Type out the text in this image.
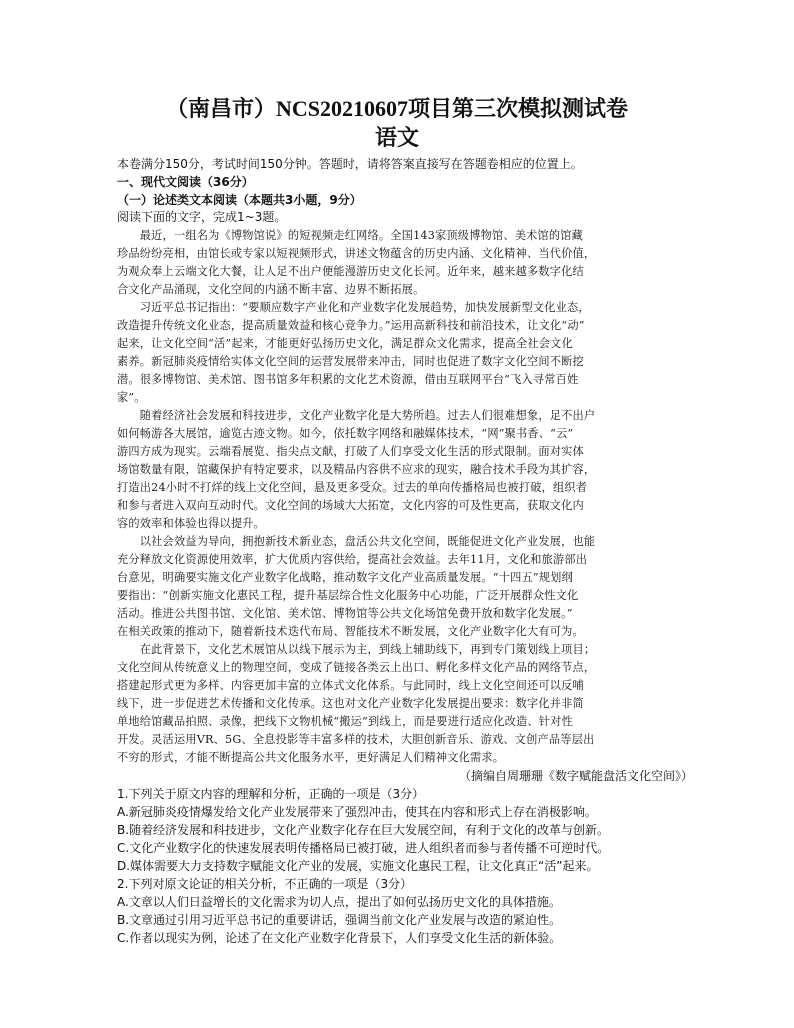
（南昌市）NCS20210607项目第三次模拟测试卷
语文
本卷满分150分，考试时间150分钟。答题时，请将答案直接写在答题卷相应的位置上。
一、现代文阅读（36分）
（一）论述类文本阅读（本题共3小题，9分）
阅读下面的文字，完成1~3题。
　　最近，一组名为《博物馆说》的短视频走红网络。全国143家顶级博物馆、美术馆的馆藏
珍品纷纷亮相，由馆长或专家以短视频形式，讲述文物蕴含的历史内涵、文化精神、当代价值，
为观众奉上云端文化大餐，让人足不出户便能漫游历史文化长河。近年来，越来越多数字化结
合文化产品涌现，文化空间的内涵不断丰富、边界不断拓展。
　　习近平总书记指出：“要顺应数字产业化和产业数字化发展趋势，加快发展新型文化业态，
改造提升传统文化业态，提高质量效益和核心竞争力。”运用高新科技和前沿技术，让文化“动”
起来，让文化空间“活”起来，才能更好弘扬历史文化，满足群众文化需求，提高全社会文化
素养。新冠肺炎疫情给实体文化空间的运营发展带来冲击，同时也促进了数字文化空间不断挖
潜。很多博物馆、美术馆、图书馆多年积累的文化艺术资源，借由互联网平台“飞入寻常百姓
家”。
　　随着经济社会发展和科技进步，文化产业数字化是大势所趋。过去人们很难想象，足不出户
如何畅游各大展馆，逾览古迹文物。如今，依托数字网络和融媒体技术，“网”聚书香、“云”
游四方成为现实。云端看展览、指尖点文献，打破了人们享受文化生活的形式限制。面对实体
场馆数量有限，馆藏保护有特定要求，以及精品内容供不应求的现实，融合技术手段为其扩容，
打造出24小时不打烊的线上文化空间，悬及更多受众。过去的单向传播格局也被打破，组织者
和参与者进入双向互动时代。文化空间的场域大大拓宽，文化内容的可及性更高，获取文化内
容的效率和体验也得以提升。
　　以社会效益为导向，拥抱新技术新业态，盘活公共文化空间，既能促进文化产业发展，也能
充分释放文化资源使用效率，扩大优质内容供给，提高社会效益。去年11月，文化和旅游部出
台意见，明确要实施文化产业数字化战略，推动数字文化产业高质量发展。“十四五”规划纲
要指出：“创新实施文化惠民工程，提升基层综合性文化服务中心功能，广泛开展群众性文化
活动。推进公共图书馆、文化馆、美术馆、博物馆等公共文化场馆免费开放和数字化发展。”
在相关政策的推动下，随着新技术迭代布局、智能技术不断发展，文化产业数字化大有可为。
　　在此背景下，文化艺术展馆从以线下展示为主，到线上辅助线下，再到专门策划线上项目；
文化空间从传统意义上的物理空间，变成了链接各类云上出口、孵化多样文化产品的网络节点，
搭建起形式更为多样、内容更加丰富的立体式文化体系。与此同时，线上文化空间还可以反哺
线下，进一步促进艺术传播和文化传承。这也对文化产业数字化发展提出要求：数字化并非简
单地给馆藏品拍照、录像，把线下文物机械“搬运”到线上，而是要进行适应化改造、针对性
开发。灵活运用VR、5G、全息投影等丰富多样的技术，大胆创新音乐、游戏、文创产品等层出
不穷的形式，才能不断提高公共文化服务水平，更好满足人们精神文化需求。
（摘编自周珊珊《数字赋能盘活文化空间》）
1.下列关于原文内容的理解和分析，正确的一项是（3分）
A.新冠肺炎疫情爆发给文化产业发展带来了强烈冲击，使其在内容和形式上存在消极影响。
B.随着经济发展和科技进步，文化产业数字化存在巨大发展空间，有利于文化的改革与创新。
C.文化产业数字化的快速发展表明传播格局已被打破，进人组织者而参与者传播不可逆时代。
D.媒体需要大力支持数字赋能文化产业的发展，实施文化惠民工程，让文化真正“活”起来。
2.下列对原文论证的相关分析，不正确的一项是（3分）
A.文章以人们日益增长的文化需求为切人点，提出了如何弘扬历史文化的具体措施。
B.文章通过引用习近平总书记的重要讲话，强调当前文化产业发展与改造的紧迫性。
C.作者以现实为例，论述了在文化产业数字化背景下，人们享受文化生活的新体验。
